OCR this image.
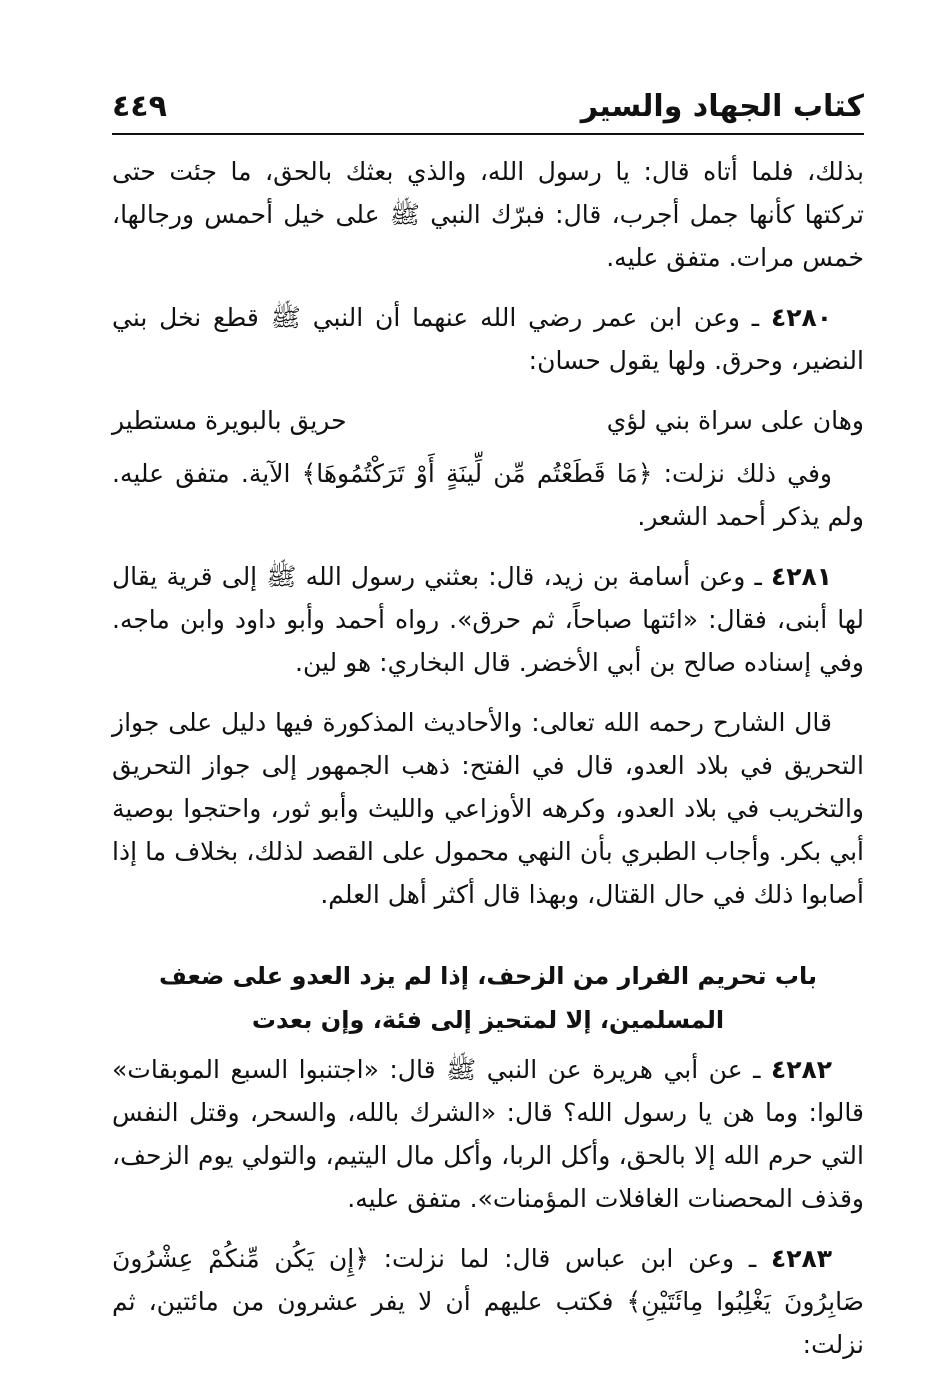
كتاب الجهاد والسير
٤٤٩

بذلك، فلما أتاه قال: يا رسول الله، والذي بعثك بالحق، ما جئت حتى تركتها كأنها جمل أجرب، قال: فبرّك النبي ﷺ على خيل أحمس ورجالها، خمس مرات. متفق عليه.

٤٢٨٠ ـ وعن ابن عمر رضي الله عنهما أن النبي ﷺ قطع نخل بني النضير، وحرق. ولها يقول حسان:

وهان على سراة بني لؤي
حريق بالبويرة مستطير

وفي ذلك نزلت: ﴿مَا قَطَعْتُم مِّن لِّينَةٍ أَوْ تَرَكْتُمُوهَا﴾ الآية. متفق عليه. ولم يذكر أحمد الشعر.

٤٢٨١ ـ وعن أسامة بن زيد، قال: بعثني رسول الله ﷺ إلى قرية يقال لها أبنى، فقال: «ائتها صباحاً، ثم حرق». رواه أحمد وأبو داود وابن ماجه. وفي إسناده صالح بن أبي الأخضر. قال البخاري: هو لين.

قال الشارح رحمه الله تعالى: والأحاديث المذكورة فيها دليل على جواز التحريق في بلاد العدو، قال في الفتح: ذهب الجمهور إلى جواز التحريق والتخريب في بلاد العدو، وكرهه الأوزاعي والليث وأبو ثور، واحتجوا بوصية أبي بكر. وأجاب الطبري بأن النهي محمول على القصد لذلك، بخلاف ما إذا أصابوا ذلك في حال القتال، وبهذا قال أكثر أهل العلم.

باب تحريم الفرار من الزحف، إذا لم يزد العدو على ضعف
المسلمين، إلا لمتحيز إلى فئة، وإن بعدت

٤٢٨٢ ـ عن أبي هريرة عن النبي ﷺ قال: «اجتنبوا السبع الموبقات» قالوا: وما هن يا رسول الله؟ قال: «الشرك بالله، والسحر، وقتل النفس التي حرم الله إلا بالحق، وأكل الربا، وأكل مال اليتيم، والتولي يوم الزحف، وقذف المحصنات الغافلات المؤمنات». متفق عليه.

٤٢٨٣ ـ وعن ابن عباس قال: لما نزلت: ﴿إِن يَكُن مِّنكُمْ عِشْرُونَ صَابِرُونَ يَغْلِبُوا مِائَتَيْنِ﴾ فكتب عليهم أن لا يفر عشرون من مائتين، ثم نزلت:
